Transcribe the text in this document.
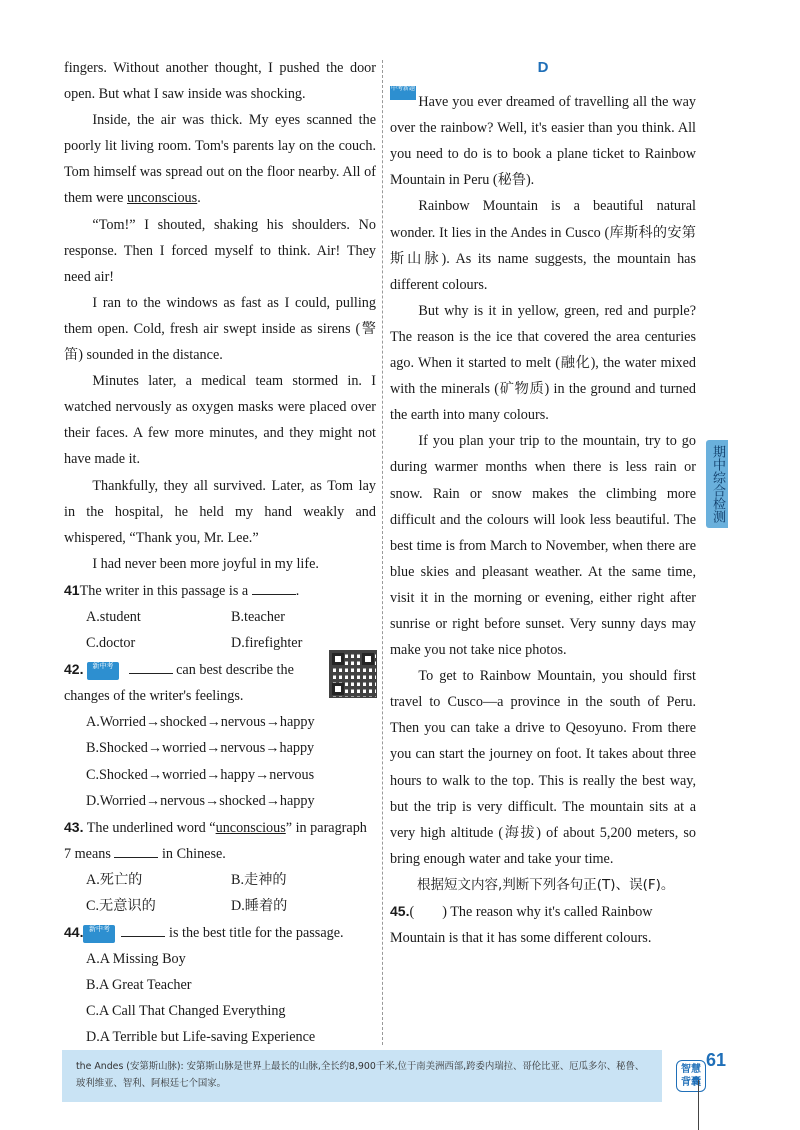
fingers. Without another thought, I pushed the door open. But what I saw inside was shocking.

Inside, the air was thick. My eyes scanned the poorly lit living room. Tom's parents lay on the couch. Tom himself was spread out on the floor nearby. All of them were unconscious.

“Tom!” I shouted, shaking his shoulders. No response. Then I forced myself to think. Air! They need air!

I ran to the windows as fast as I could, pulling them open. Cold, fresh air swept inside as sirens (警笛) sounded in the distance.

Minutes later, a medical team stormed in. I watched nervously as oxygen masks were placed over their faces. A few more minutes, and they might not have made it.

Thankfully, they all survived. Later, as Tom lay in the hospital, he held my hand weakly and whispered, “Thank you, Mr. Lee.”

I had never been more joyful in my life.

41The writer in this passage is a	.
A.student	B.teacher
C.doctor	D.firefighter
42. 新中考	can best describe the changes of the writer's feelings.
A.Worried→shocked→nervous→happy
B.Shocked→worried→nervous→happy
C.Shocked→worried→happy→nervous
D.Worried→nervous→shocked→happy
43. The underlined word “unconscious” in paragraph 7 means	in Chinese.
A.死亡的	B.走神的
C.无意识的	D.睡着的
44. 新中考	is the best title for the passage.
A.A Missing Boy
B.A Great Teacher
C.A Call That Changed Everything
D.A Terrible but Life-saving Experience
中考新题
D

Have you ever dreamed of travelling all the way over the rainbow? Well, it's easier than you think. All you need to do is to book a plane ticket to Rainbow Mountain in Peru (秘鲁).

Rainbow Mountain is a beautiful natural wonder. It lies in the Andes in Cusco (库斯科的安第斯山脉). As its name suggests, the mountain has different colours.

But why is it in yellow, green, red and purple? The reason is the ice that covered the area centuries ago. When it started to melt (融化), the water mixed with the minerals (矿物质) in the ground and turned the earth into many colours.

If you plan your trip to the mountain, try to go during warmer months when there is less rain or snow. Rain or snow makes the climbing more difficult and the colours will look less beautiful. The best time is from March to November, when there are blue skies and pleasant weather. At the same time, visit it in the morning or evening, either right after sunrise or right before sunset. Very sunny days may make you not take nice photos.

To get to Rainbow Mountain, you should first travel to Cusco—a province in the south of Peru. Then you can take a drive to Qesoyuno. From there you can start the journey on foot. It takes about three hours to walk to the top. This is really the best way, but the trip is very difficult. The mountain sits at a very high altitude (海拔) of about 5,200 meters, so bring enough water and take your time.

根据短文内容,判断下列各句正(T)、误(F)。

45.( ) The reason why it's called Rainbow Mountain is that it has some different colours.
期中综合检测
the Andes (安第斯山脉): 安第斯山脉是世界上最长的山脉,全长约8,900千米,位于南美洲西部,跨委内瑞拉、哥伦比亚、厄瓜多尔、秘鲁、玻利维亚、智利、阿根廷七个国家。
智慧背囊
61
